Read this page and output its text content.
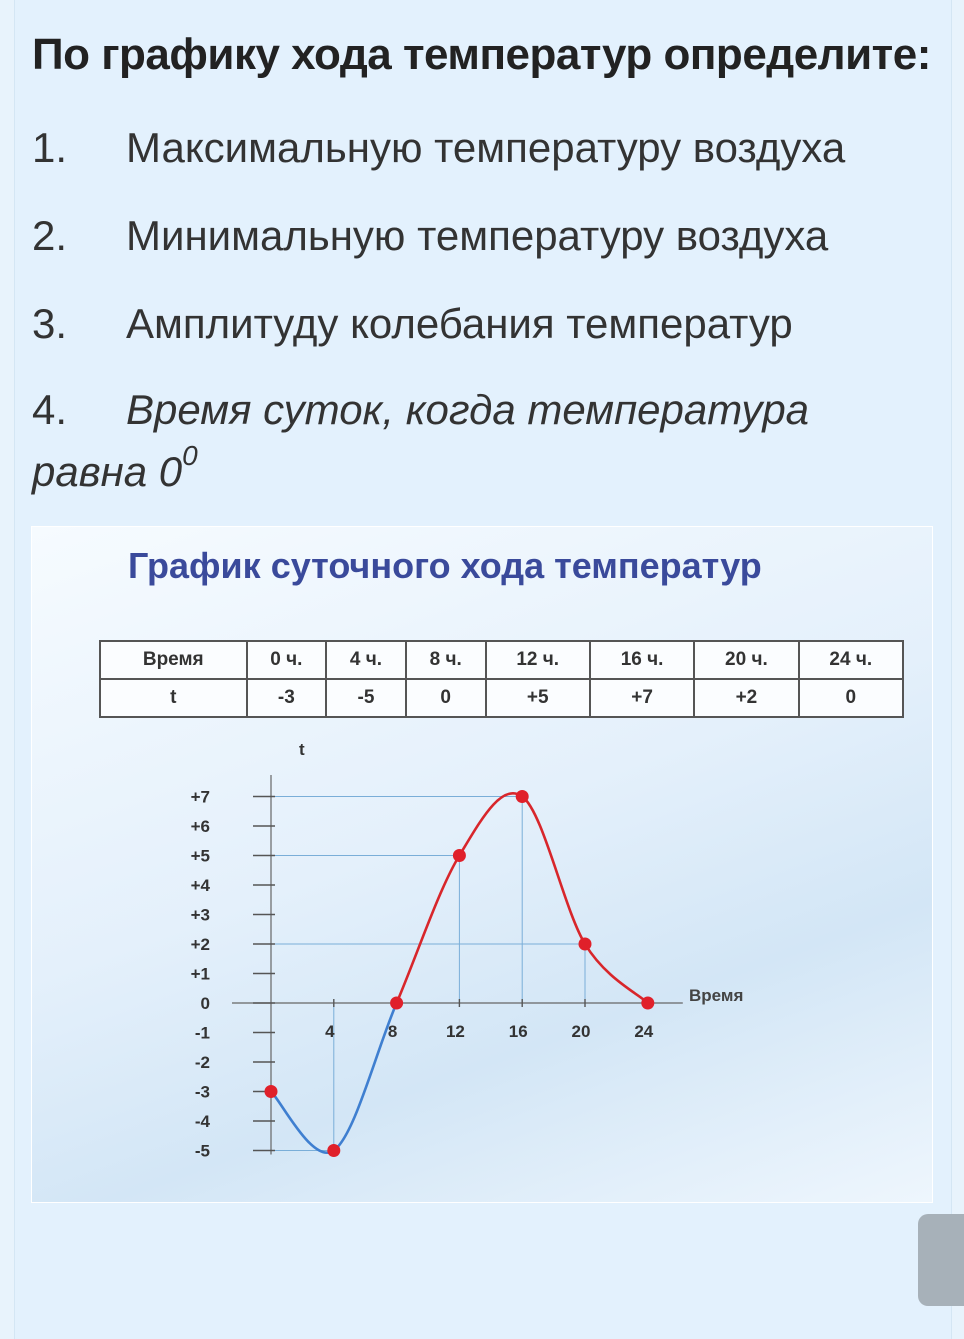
По графику хода температур определите:
1. Максимальную температуру воздуха
2. Минимальную температуру воздуха
3. Амплитуду колебания температур
4. Время суток, когда температура
равна $0^0$
График суточного хода температур
Время	0 ч.	4 ч.	8 ч.	12 ч.	16 ч.	20 ч.	24 ч.
t	-3	-5	0	+5	+7	+2	0
+7
+6
+5
+4
+3
+2
+1
0
-1
-2
-3
-4
-5
4	8	12	16	20	24
t
Время
